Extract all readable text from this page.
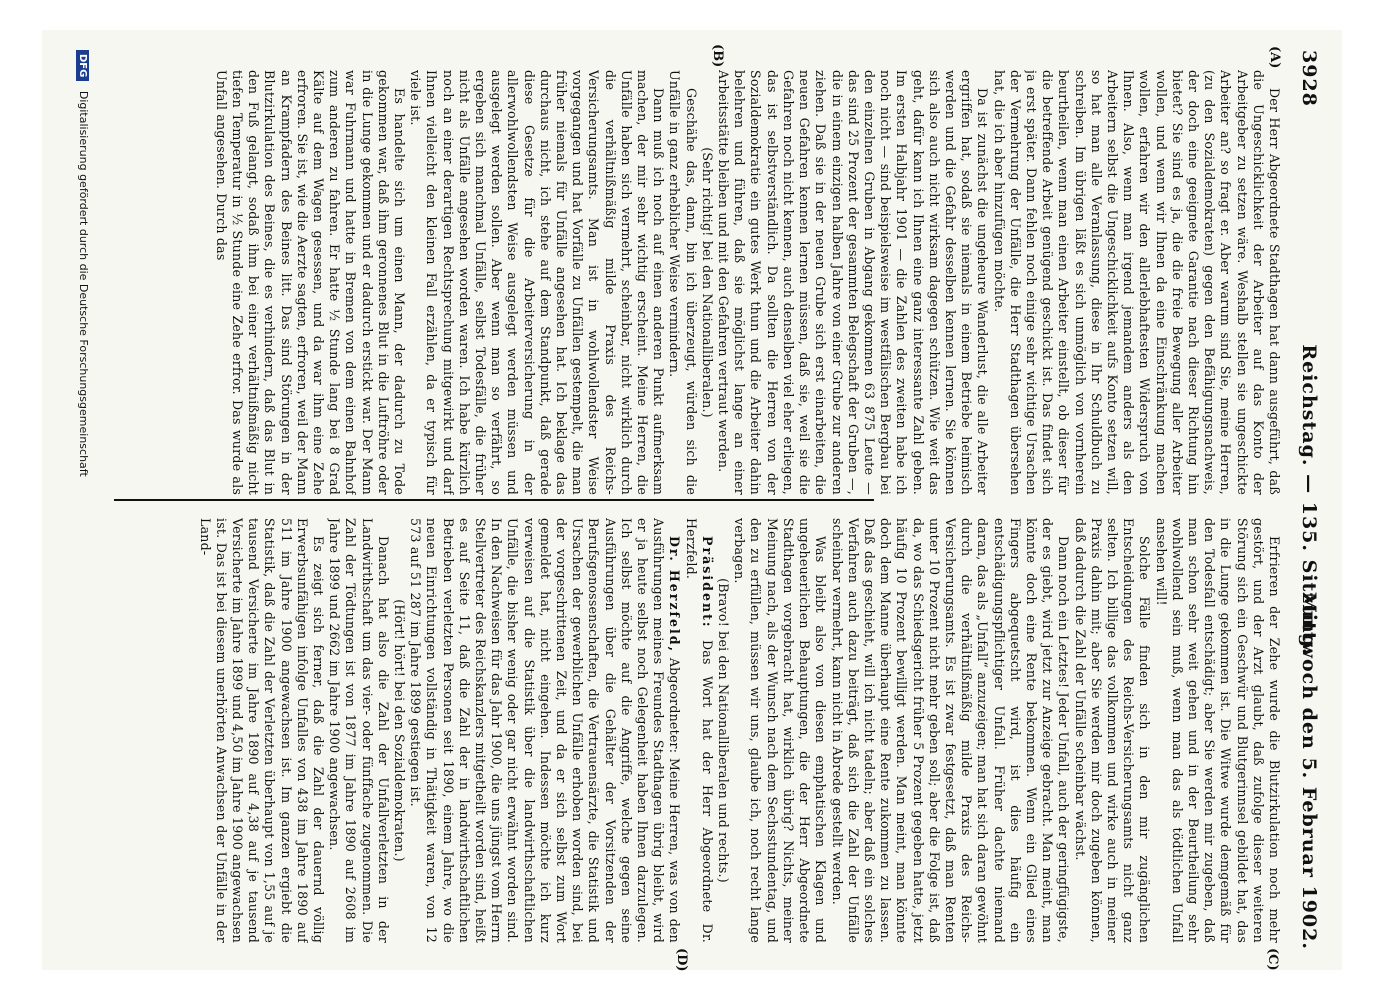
3928
Reichstag. — 135. Sitzung.
Mittwoch den 5. Februar 1902.
(A)
(B)
(C)
(D)

Der Herr Abgeordnete Stadthagen hat dann ausgeführt, daß die Ungeschicklichkeit der Arbeiter auf das Konto der Arbeitgeber zu setzen wäre. Weshalb stellen sie ungeschickte Arbeiter an? so fragt er. Aber warum sind Sie, meine Herren, (zu den Sozialdemokraten) gegen den Befähigungsnachweis, der doch eine geeignete Garantie nach dieser Richtung hin bietet? Sie sind es ja, die die freie Bewegung aller Arbeiter wollen, und wenn wir Ihnen da eine Einschränkung machen wollen, erfahren wir den allerlebhaftesten Widerspruch von Ihnen. Also, wenn man irgend jemandem anders als den Arbeitern selbst die Ungeschicklichkeit aufs Konto setzen will, so hat man alle Veranlassung, diese in Ihr Schuldbuch zu schreiben. Im übrigen läßt es sich unmöglich von vornherein beurtheilen, wenn man einen Arbeiter einstellt, ob dieser für die betreffende Arbeit genügend geschickt ist. Das findet sich ja erst später. Dann fehlen noch einige sehr wichtige Ursachen der Vermehrung der Unfälle, die Herr Stadthagen übersehen hat, die ich aber hinzufügen möchte.

Da ist zunächst die ungeheure Wanderlust, die alle Arbeiter ergriffen hat, sodaß sie niemals in einem Betriebe heimisch werden und die Gefahr desselben kennen lernen. Sie können sich also auch nicht wirksam dagegen schützen. Wie weit das geht, dafür kann ich Ihnen eine ganz interessante Zahl geben. Im ersten Halbjahr 1901 — die Zahlen des zweiten habe ich noch nicht — sind beispielsweise im westfälischen Bergbau bei den einzelnen Gruben in Abgang gekommen 63 875 Leute — das sind 25 Prozent der gesammten Belegschaft der Gruben —, die in einem einzigen halben Jahre von einer Grube zur anderen ziehen. Daß sie in der neuen Grube sich erst einarbeiten, die neuen Gefahren kennen lernen müssen, daß sie, weil sie die Gefahren noch nicht kennen, auch denselben viel eher erliegen, das ist selbstverständlich. Da sollten die Herren von der Sozialdemokratie ein gutes Werk thun und die Arbeiter dahin belehren und führen, daß sie möglichst lange an einer Arbeitsstätte bleiben und mit den Gefahren vertraut werden.

(Sehr richtig! bei den Nationalliberalen.)

Geschähe das, dann, bin ich überzeugt, würden sich die Unfälle in ganz erheblicher Weise vermindern.

Dann muß ich noch auf einen anderen Punkt aufmerksam machen, der mir sehr wichtig erscheint. Meine Herren, die Unfälle haben sich vermehrt, scheinbar, nicht wirklich durch die verhältnißmäßig milde Praxis des Reichs-Versicherungsamts. Man ist in wohlwollendster Weise vorgegangen und hat Vorfälle zu Unfällen gestempelt, die man früher niemals für Unfälle angesehen hat. Ich beklage das durchaus nicht, ich stehe auf dem Standpunkt, daß gerade diese Gesetze für die Arbeiterversicherung in der allerwohlwollendsten Weise ausgelegt werden müssen und ausgelegt werden sollen. Aber wenn man so verfährt, so ergeben sich manchmal Unfälle, selbst Todesfälle, die früher nicht als Unfälle angesehen worden waren. Ich habe kürzlich noch an einer derartigen Rechtsprechung mitgewirkt und darf Ihnen vielleicht den kleinen Fall erzählen, da er typisch für viele ist.

Es handelte sich um einen Mann, der dadurch zu Tode gekommen war, daß ihm geronnenes Blut in die Luftröhre oder in die Lunge gekommen und er dadurch erstickt war. Der Mann war Fuhrmann und hatte in Bremen von dem einen Bahnhof zum anderen zu fahren. Er hatte ½ Stunde lang bei 8 Grad Kälte auf dem Wagen gesessen, und da war ihm eine Zehe erfroren. Sie ist, wie die Aerzte sagten, erfroren, weil der Mann an Krampfadern des Beines litt. Das sind Störungen in der Blutzirkulation des Beines, die es verhindern, daß das Blut in den Fuß gelangt, sodaß ihm bei einer verhältnißmäßig nicht tiefen Temperatur in ½ Stunde eine Zehe erfror. Das wurde als Unfall angesehen. Durch das

Erfrieren der Zehe wurde die Blutzirkulation noch mehr gestört, und der Arzt glaubt, daß zufolge dieser weiteren Störung sich ein Geschwür und Blutgerinnsel gebildet hat, das in die Lunge gekommen ist. Die Witwe wurde demgemäß für den Todesfall entschädigt; aber Sie werden mir zugeben, daß man schon sehr weit gehen und in der Beurtheilung sehr wohlwollend sein muß, wenn man das als tödtlichen Unfall ansehen will!

Solche Fälle finden sich in den mir zugänglichen Entscheidungen des Reichs-Versicherungsamts nicht ganz selten. Ich billige das vollkommen und wirke auch in meiner Praxis dahin mit; aber Sie werden mir doch zugeben können, daß dadurch die Zahl der Unfälle scheinbar wächst.

Dann noch ein Letztes! Jeder Unfall, auch der geringfügigste, der es giebt, wird jetzt zur Anzeige gebracht. Man meint, man könnte doch eine Rente bekommen. Wenn ein Glied eines Fingers abgequetscht wird, ist dies häufig ein entschädigungspflichtiger Unfall. Früher dachte niemand daran, das als „Unfall“ anzuzeigen; man hat sich daran gewöhnt durch die verhältnißmäßig milde Praxis des Reichs-Versicherungsamts. Es ist zwar festgesetzt, daß man Renten unter 10 Prozent nicht mehr geben soll; aber die Folge ist, daß da, wo das Schiedsgericht früher 5 Prozent gegeben hatte, jetzt häufig 10 Prozent bewilligt werden. Man meint, man könnte doch dem Manne überhaupt eine Rente zukommen zu lassen. Daß das geschieht, will ich nicht tadeln; aber daß ein solches Verfahren auch dazu beiträgt, daß sich die Zahl der Unfälle scheinbar vermehrt, kann nicht in Abrede gestellt werden.

Was bleibt also von diesen emphatischen Klagen und ungeheuerlichen Behauptungen, die der Herr Abgeordnete Stadthagen vorgebracht hat, wirklich übrig? Nichts, meiner Meinung nach, als der Wunsch nach dem Sechsstundentag, und den zu erfüllen, müssen wir uns, glaube ich, noch recht lange verbagen.

(Bravo! bei den Nationalliberalen und rechts.)

Präsident: Das Wort hat der Herr Abgeordnete Dr. Herzfeld.

Dr. Herzfeld, Abgeordneter: Meine Herren, was von den Ausführungen meines Freundes Stadthagen übrig bleibt, wird er ja heute selbst noch Gelegenheit haben Ihnen darzulegen. Ich selbst möchte auf die Angriffe, welche gegen seine Ausführungen über die Gehälter der Vorsitzenden der Berufsgenossenschaften, die Vertrauensärzte, die Statistik und Ursachen der gewerblichen Unfälle erhoben worden sind, bei der vorgeschrittenen Zeit, und da er sich selbst zum Wort gemeldet hat, nicht eingehen. Indessen möchte ich kurz verweisen auf die Statistik über die landwirthschaftlichen Unfälle, die bisher wenig oder gar nicht erwähnt worden sind. In den Nachweisen für das Jahr 1900, die uns jüngst vom Herrn Stellvertreter des Reichskanzlers mitgetheilt worden sind, heißt es auf Seite 11, daß die Zahl der in landwirthschaftlichen Betrieben verletzten Personen seit 1890, einem Jahre, wo die neuen Einrichtungen vollständig in Thätigkeit waren, von 12 573 auf 51 287 im Jahre 1899 gestiegen ist.

(Hört! hört! bei den Sozialdemokraten.)

Danach hat also die Zahl der Unfallverletzten in der Landwirthschaft um das vier- oder fünffache zugenommen. Die Zahl der Tödtungen ist von 1877 im Jahre 1890 auf 2608 im Jahre 1899 und 2662 im Jahre 1900 angewachsen.

Es zeigt sich ferner, daß die Zahl der dauernd völlig Erwerbsunfähigen infolge Unfalles von 438 im Jahre 1890 auf 511 im Jahre 1900 angewachsen ist. Im ganzen ergiebt die Statistik, daß die Zahl der Verletzten überhaupt von 1,55 auf je tausend Versicherte im Jahre 1890 auf 4,38 auf je tausend Versicherte im Jahre 1899 und 4,50 im Jahre 1900 angewachsen ist. Das ist bei diesem unerhörten Anwachsen der Unfälle in der Land-

DFG Digitalisierung gefördert durch die Deutsche Forschungsgemeinschaft
